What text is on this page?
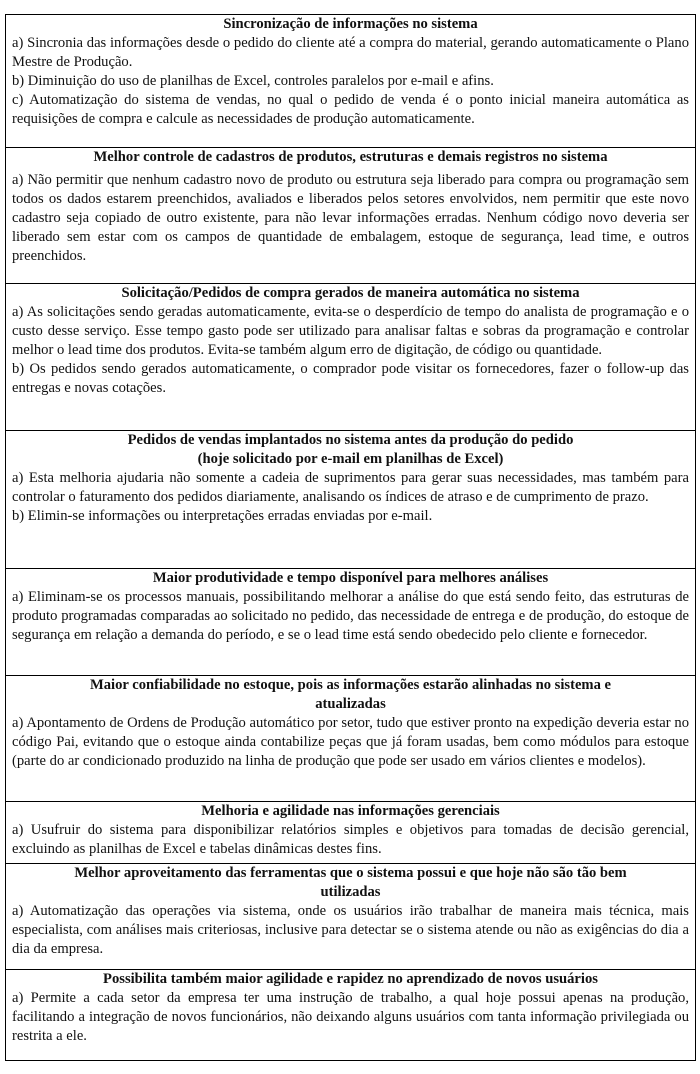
Sincronização de informações no sistema

a) Sincronia das informações desde o pedido do cliente até a compra do material, gerando automaticamente o Plano Mestre de Produção.

b) Diminuição do uso de planilhas de Excel, controles paralelos por e-mail e afins.

c) Automatização do sistema de vendas, no qual o pedido de venda é o ponto inicial maneira automática as requisições de compra e calcule as necessidades de produção automaticamente.

Melhor controle de cadastros de produtos, estruturas e demais registros no sistema

a) Não permitir que nenhum cadastro novo de produto ou estrutura seja liberado para compra ou programação sem todos os dados estarem preenchidos, avaliados e liberados pelos setores envolvidos, nem permitir que este novo cadastro seja copiado de outro existente, para não levar informações erradas. Nenhum código novo deveria ser liberado sem estar com os campos de quantidade de embalagem, estoque de segurança, lead time, e outros preenchidos.

Solicitação/Pedidos de compra gerados de maneira automática no sistema

a) As solicitações sendo geradas automaticamente, evita-se o desperdício de tempo do analista de programação e o custo desse serviço. Esse tempo gasto pode ser utilizado para analisar faltas e sobras da programação e controlar melhor o lead time dos produtos. Evita-se também algum erro de digitação, de código ou quantidade.

b) Os pedidos sendo gerados automaticamente, o comprador pode visitar os fornecedores, fazer o follow-up das entregas e novas cotações.

Pedidos de vendas implantados no sistema antes da produção do pedido
(hoje solicitado por e-mail em planilhas de Excel)

a) Esta melhoria ajudaria não somente a cadeia de suprimentos para gerar suas necessidades, mas também para controlar o faturamento dos pedidos diariamente, analisando os índices de atraso e de cumprimento de prazo.

b) Elimin-se informações ou interpretações erradas enviadas por e-mail.

Maior produtividade e tempo disponível para melhores análises

a) Eliminam-se os processos manuais, possibilitando melhorar a análise do que está sendo feito, das estruturas de produto programadas comparadas ao solicitado no pedido, das necessidade de entrega e de produção, do estoque de segurança em relação a demanda do período, e se o lead time está sendo obedecido pelo cliente e fornecedor.

Maior confiabilidade no estoque, pois as informações estarão alinhadas no sistema e
atualizadas

a) Apontamento de Ordens de Produção automático por setor, tudo que estiver pronto na expedição deveria estar no código Pai, evitando que o estoque ainda contabilize peças que já foram usadas, bem como módulos para estoque (parte do ar condicionado produzido na linha de produção que pode ser usado em vários clientes e modelos).

Melhoria e agilidade nas informações gerenciais

a) Usufruir do sistema para disponibilizar relatórios simples e objetivos para tomadas de decisão gerencial, excluindo as planilhas de Excel e tabelas dinâmicas destes fins.

Melhor aproveitamento das ferramentas que o sistema possui e que hoje não são tão bem
utilizadas

a) Automatização das operações via sistema, onde os usuários irão trabalhar de maneira mais técnica, mais especialista, com análises mais criteriosas, inclusive para detectar se o sistema atende ou não as exigências do dia a dia da empresa.

Possibilita também maior agilidade e rapidez no aprendizado de novos usuários

a) Permite a cada setor da empresa ter uma instrução de trabalho, a qual hoje possui apenas na produção, facilitando a integração de novos funcionários, não deixando alguns usuários com tanta informação privilegiada ou restrita a ele.
